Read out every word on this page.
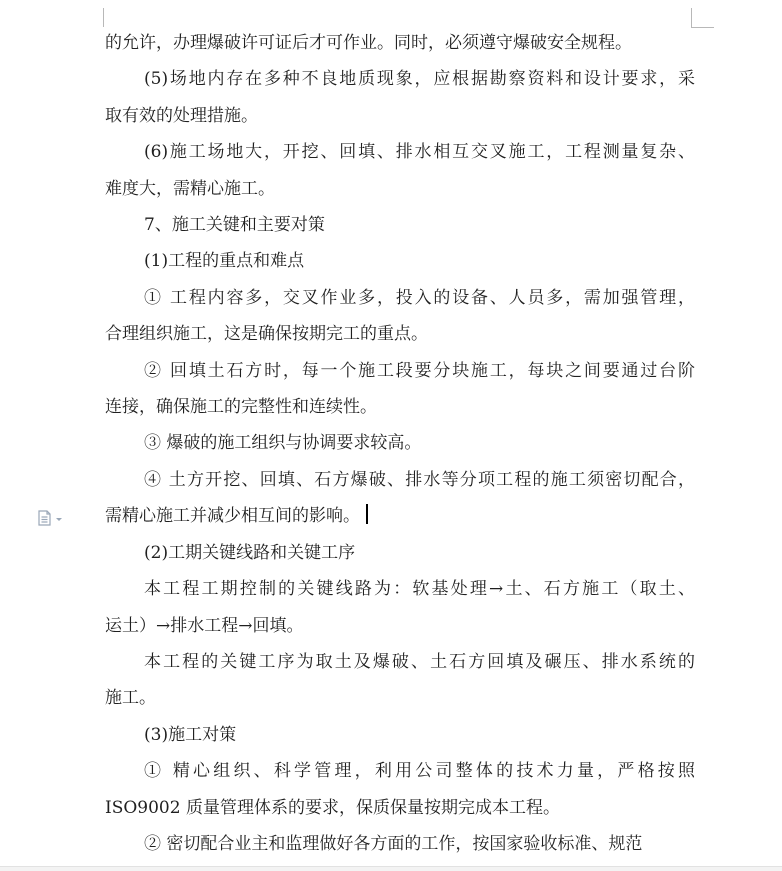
的允许，办理爆破许可证后才可作业。同时，必须遵守爆破安全规程。

(5)场地内存在多种不良地质现象，应根据勘察资料和设计要求，采
取有效的处理措施。

(6)施工场地大，开挖、回填、排水相互交叉施工，工程测量复杂、
难度大，需精心施工。

7、施工关键和主要对策

(1)工程的重点和难点

① 工程内容多，交叉作业多，投入的设备、人员多，需加强管理，
合理组织施工，这是确保按期完工的重点。

② 回填土石方时，每一个施工段要分块施工，每块之间要通过台阶
连接，确保施工的完整性和连续性。

③ 爆破的施工组织与协调要求较高。

④ 土方开挖、回填、石方爆破、排水等分项工程的施工须密切配合，
需精心施工并减少相互间的影响。

(2)工期关键线路和关键工序

本工程工期控制的关键线路为：软基处理→土、石方施工（取土、
运土）→排水工程→回填。

本工程的关键工序为取土及爆破、土石方回填及碾压、排水系统的
施工。

(3)施工对策

① 精心组织、科学管理，利用公司整体的技术力量，严格按照
ISO9002 质量管理体系的要求，保质保量按期完成本工程。

② 密切配合业主和监理做好各方面的工作，按国家验收标准、规范
